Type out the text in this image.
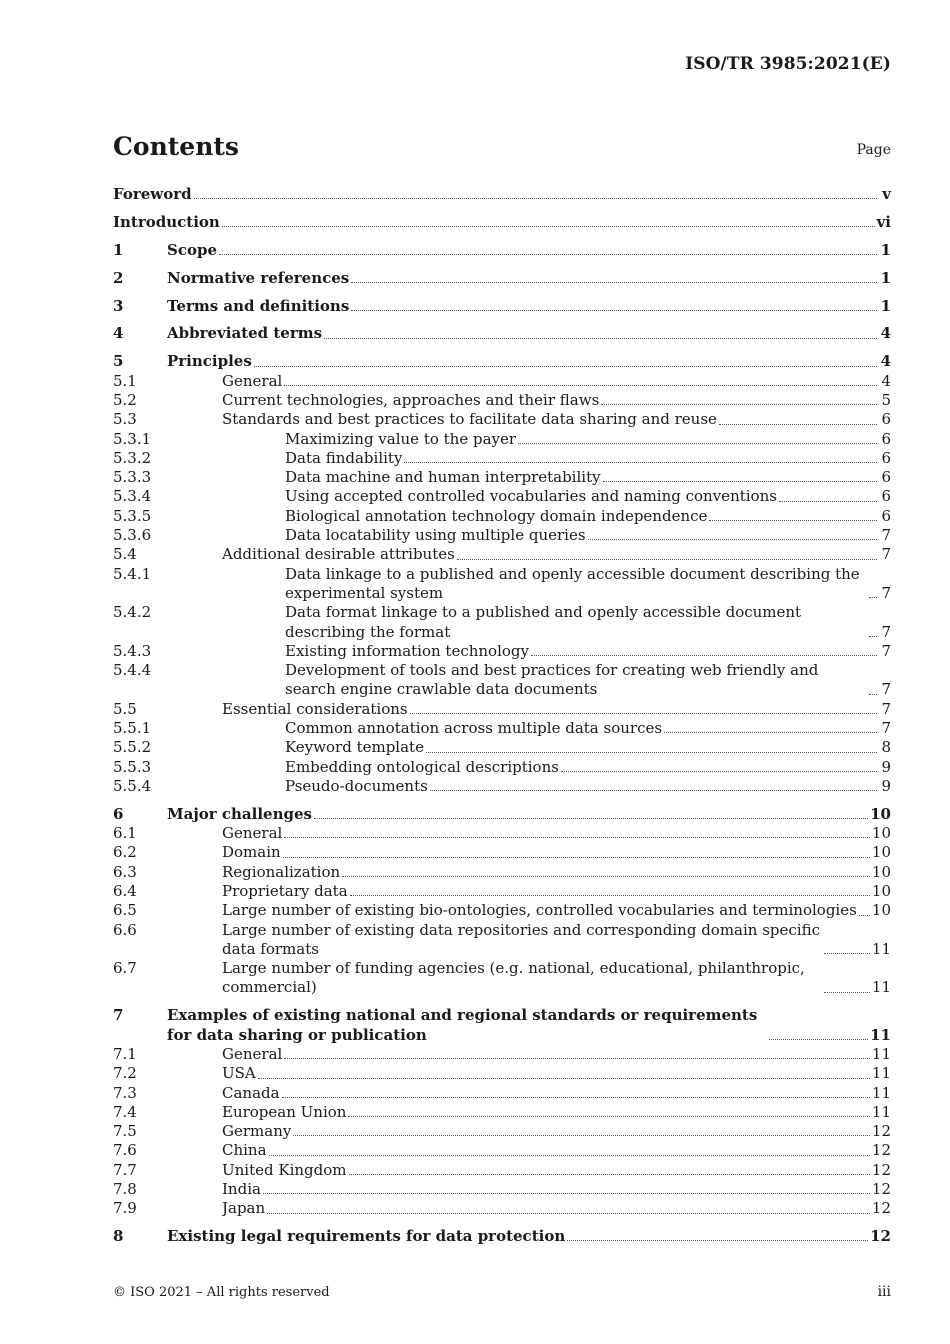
ISO/TR 3985:2021(E)
Contents	Page
Foreword	v
Introduction	vi
1	Scope	1
2	Normative references	1
3	Terms and definitions	1
4	Abbreviated terms	4
5	Principles	4
5.1	General	4
5.2	Current technologies, approaches and their flaws	5
5.3	Standards and best practices to facilitate data sharing and reuse	6
5.3.1	Maximizing value to the payer	6
5.3.2	Data findability	6
5.3.3	Data machine and human interpretability	6
5.3.4	Using accepted controlled vocabularies and naming conventions	6
5.3.5	Biological annotation technology domain independence	6
5.3.6	Data locatability using multiple queries	7
5.4	Additional desirable attributes	7
5.4.1	Data linkage to a published and openly accessible document describing the experimental system	7
5.4.2	Data format linkage to a published and openly accessible document describing the format	7
5.4.3	Existing information technology	7
5.4.4	Development of tools and best practices for creating web friendly and search engine crawlable data documents	7
5.5	Essential considerations	7
5.5.1	Common annotation across multiple data sources	7
5.5.2	Keyword template	8
5.5.3	Embedding ontological descriptions	9
5.5.4	Pseudo-documents	9
6	Major challenges	10
6.1	General	10
6.2	Domain	10
6.3	Regionalization	10
6.4	Proprietary data	10
6.5	Large number of existing bio-ontologies, controlled vocabularies and terminologies 10
6.6	Large number of existing data repositories and corresponding domain specific data formats	11
6.7	Large number of funding agencies (e.g. national, educational, philanthropic, commercial)	11
7	Examples of existing national and regional standards or requirements for data sharing or publication	11
7.1	General	11
7.2	USA	11
7.3	Canada	11
7.4	European Union	11
7.5	Germany	12
7.6	China	12
7.7	United Kingdom	12
7.8	India	12
7.9	Japan	12
8	Existing legal requirements for data protection	12
© ISO 2021 – All rights reserved	iii
